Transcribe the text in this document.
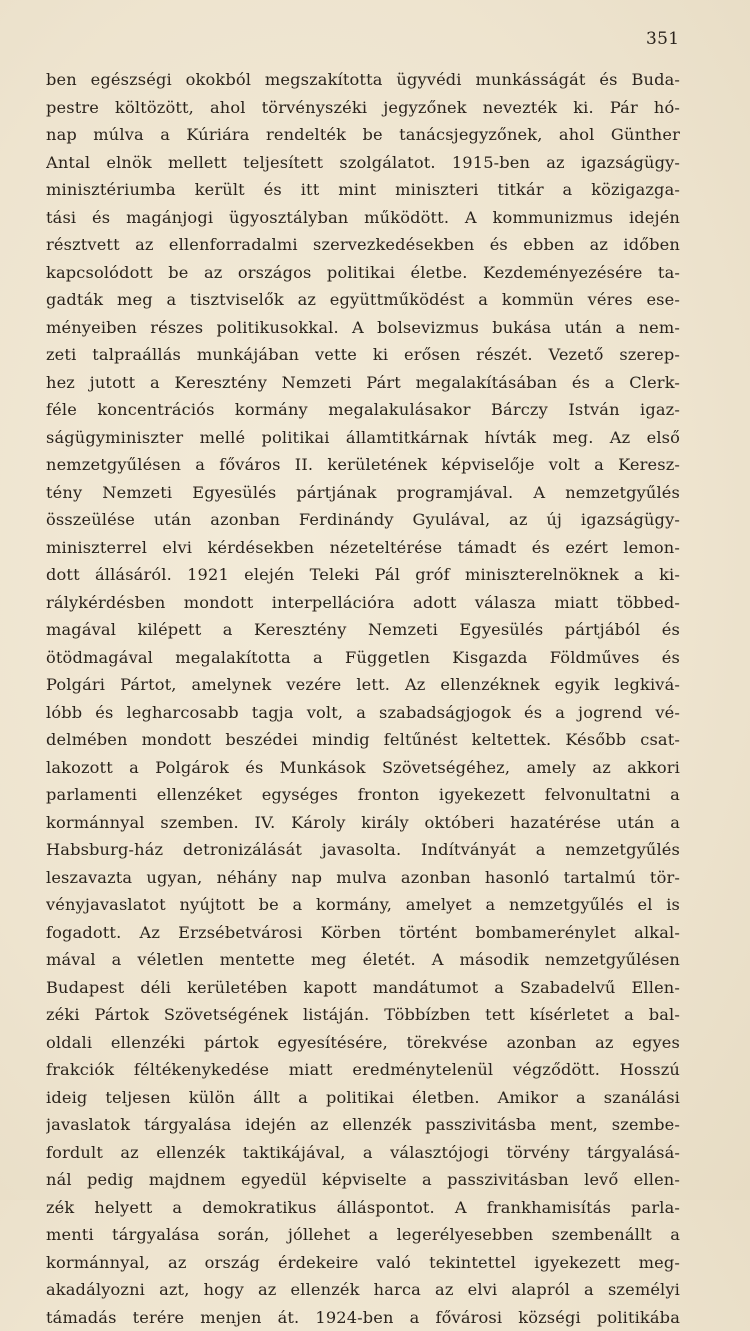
351
ben egészségi okokból megszakította ügyvédi munkásságát és Buda-
pestre költözött, ahol törvényszéki jegyzőnek nevezték ki. Pár hó-
nap múlva a Kúriára rendelték be tanácsjegyzőnek, ahol Günther
Antal elnök mellett teljesített szolgálatot. 1915-ben az igazságügy-
minisztériumba került és itt mint miniszteri titkár a közigazga-
tási és magánjogi ügyosztályban működött. A kommunizmus idején
résztvett az ellenforradalmi szervezkedésekben és ebben az időben
kapcsolódott be az országos politikai életbe. Kezdeményezésére ta-
gadták meg a tisztviselők az együttműködést a kommün véres ese-
ményeiben részes politikusokkal. A bolsevizmus bukása után a nem-
zeti talpraállás munkájában vette ki erősen részét. Vezető szerep-
hez jutott a Keresztény Nemzeti Párt megalakításában és a Clerk-
féle koncentrációs kormány megalakulásakor Bárczy István igaz-
ságügyminiszter mellé politikai államtitkárnak hívták meg. Az első
nemzetgyűlésen a főváros II. kerületének képviselője volt a Keresz-
tény Nemzeti Egyesülés pártjának programjával. A nemzetgyűlés
összeülése után azonban Ferdinándy Gyulával, az új igazságügy-
miniszterrel elvi kérdésekben nézeteltérése támadt és ezért lemon-
dott állásáról. 1921 elején Teleki Pál gróf miniszterelnöknek a ki-
rálykérdésben mondott interpellációra adott válasza miatt többed-
magával kilépett a Keresztény Nemzeti Egyesülés pártjából és
ötödmagával megalakította a Független Kisgazda Földműves és
Polgári Pártot, amelynek vezére lett. Az ellenzéknek egyik legkivá-
lóbb és legharcosabb tagja volt, a szabadságjogok és a jogrend vé-
delmében mondott beszédei mindig feltűnést keltettek. Később csat-
lakozott a Polgárok és Munkások Szövetségéhez, amely az akkori
parlamenti ellenzéket egységes fronton igyekezett felvonultatni a
kormánnyal szemben. IV. Károly király októberi hazatérése után a
Habsburg-ház detronizálását javasolta. Indítványát a nemzetgyűlés
leszavazta ugyan, néhány nap mulva azonban hasonló tartalmú tör-
vényjavaslatot nyújtott be a kormány, amelyet a nemzetgyűlés el is
fogadott. Az Erzsébetvárosi Körben történt bombamerénylet alkal-
mával a véletlen mentette meg életét. A második nemzetgyűlésen
Budapest déli kerületében kapott mandátumot a Szabadelvű Ellen-
zéki Pártok Szövetségének listáján. Többízben tett kísérletet a bal-
oldali ellenzéki pártok egyesítésére, törekvése azonban az egyes
frakciók féltékenykedése miatt eredménytelenül végződött. Hosszú
ideig teljesen külön állt a politikai életben. Amikor a szanálási
javaslatok tárgyalása idején az ellenzék passzivitásba ment, szembe-
fordult az ellenzék taktikájával, a választójogi törvény tárgyalásá-
nál pedig majdnem egyedül képviselte a passzivitásban levő ellen-
zék helyett a demokratikus álláspontot. A frankhamisítás parla-
menti tárgyalása során, jóllehet a legerélyesebben szembenállt a
kormánnyal, az ország érdekeire való tekintettel igyekezett meg-
akadályozni azt, hogy az ellenzék harca az elvi alapról a személyi
támadás terére menjen át. 1924-ben a fővárosi községi politikába
